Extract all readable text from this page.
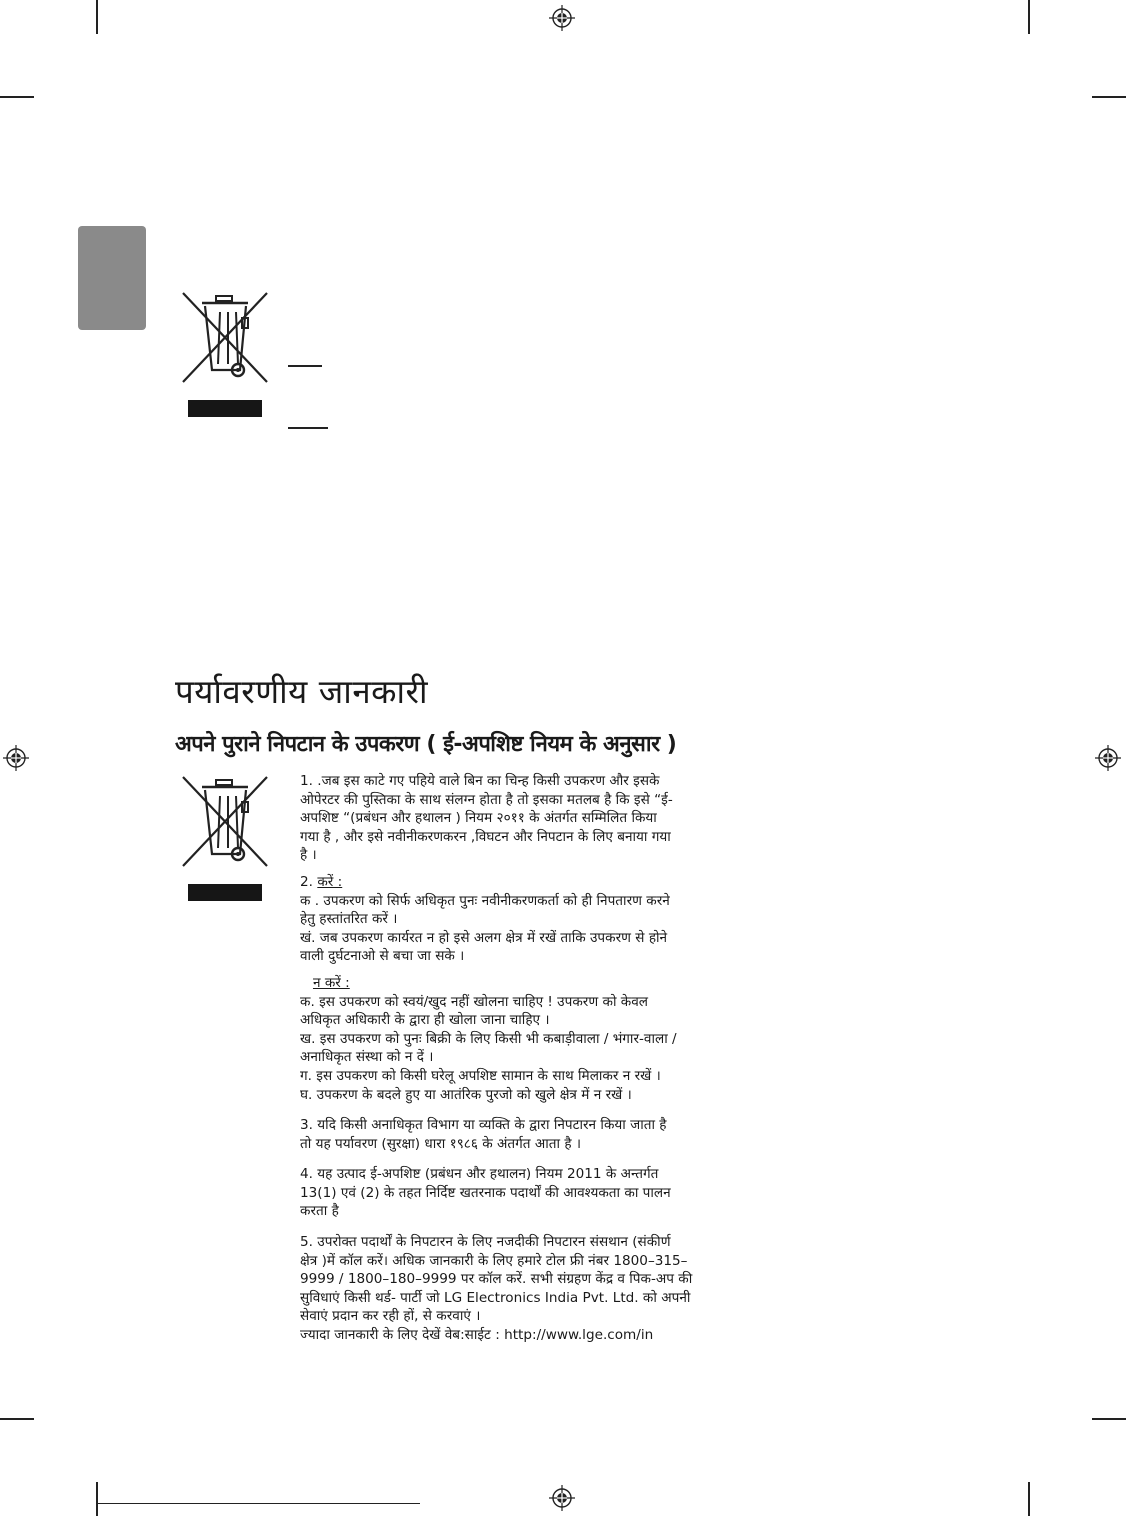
पर्यावरणीय जानकारी
अपने पुराने निपटान के उपकरण ( ई-अपशिष्ट नियम के अनुसार )

1. .जब इस काटे गए पहिये वाले बिन का चिन्ह किसी उपकरण और इसके

ओपेरटर की पुस्तिका के साथ संलग्न होता है तो इसका मतलब है कि इसे “ई-

अपशिष्ट “(प्रबंधन और हथालन ) नियम २०११ के अंतर्गत सम्मिलित किया

गया है , और इसे नवीनीकरणकरन ,विघटन और निपटान के लिए बनाया गया

है ।

2. करें :

क . उपकरण को सिर्फ अधिकृत पुनः नवीनीकरणकर्ता को ही निपतारण करने

हेतु हस्तांतरित करें ।

खं. जब उपकरण कार्यरत न हो इसे अलग क्षेत्र में रखें ताकि उपकरण से होने

वाली दुर्घटनाओ से बचा जा सके ।

न करें :

क. इस उपकरण को स्वयं/खुद नहीं खोलना चाहिए ! उपकरण को केवल

अधिकृत अधिकारी के द्वारा ही खोला जाना चाहिए ।

ख. इस उपकरण को पुनः बिक्री के लिए किसी भी कबाड़ीवाला / भंगार-वाला /

अनाधिकृत संस्था को न दें ।

ग. इस उपकरण को किसी घरेलू अपशिष्ट सामान के साथ मिलाकर न रखें ।

घ. उपकरण के बदले हुए या आतंरिक पुरजो को खुले क्षेत्र में न रखें ।

3. यदि किसी अनाधिकृत विभाग या व्यक्ति के द्वारा निपटारन किया जाता है

तो यह पर्यावरण (सुरक्षा) धारा १९८६ के अंतर्गत आता है ।

4. यह उत्पाद ई-अपशिष्ट (प्रबंधन और हथालन) नियम 2011 के अन्तर्गत

13(1) एवं (2) के तहत निर्दिष्ट खतरनाक पदार्थों की आवश्यकता का पालन

करता है

5. उपरोक्त पदार्थों के निपटारन के लिए नजदीकी निपटारन संसथान (संकीर्ण

क्षेत्र )में कॉल करें। अधिक जानकारी के लिए हमारे टोल फ्री नंबर 1800–315–

9999 / 1800–180–9999 पर कॉल करें. सभी संग्रहण केंद्र व पिक-अप की

सुविधाएं किसी थर्ड- पार्टी जो LG Electronics India Pvt. Ltd. को अपनी

सेवाएं प्रदान कर रही हों, से करवाएं ।

ज्यादा जानकारी के लिए देखें वेब:साईट : http://www.lge.com/in
